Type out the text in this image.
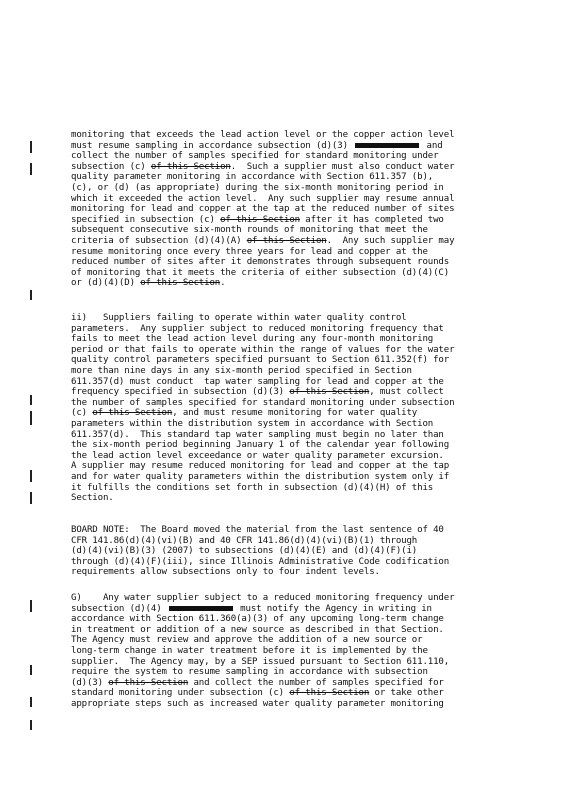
monitoring that exceeds the lead action level or the copper action level
must resume sampling in accordance subsection (d)(3)	and
collect the number of samples specified for standard monitoring under
subsection (c) of this Section.  Such a supplier must also conduct water
quality parameter monitoring in accordance with Section 611.357 (b),
(c), or (d) (as appropriate) during the six-month monitoring period in
which it exceeded the action level.  Any such supplier may resume annual
monitoring for lead and copper at the tap at the reduced number of sites
specified in subsection (c) of this Section after it has completed two
subsequent consecutive six-month rounds of monitoring that meet the
criteria of subsection (d)(4)(A) of this Section.  Any such supplier may
resume monitoring once every three years for lead and copper at the
reduced number of sites after it demonstrates through subsequent rounds
of monitoring that it meets the criteria of either subsection (d)(4)(C)
or (d)(4)(D) of this Section.
ii)   Suppliers failing to operate within water quality control
parameters.  Any supplier subject to reduced monitoring frequency that
fails to meet the lead action level during any four-month monitoring
period or that fails to operate within the range of values for the water
quality control parameters specified pursuant to Section 611.352(f) for
more than nine days in any six-month period specified in Section
611.357(d) must conduct  tap water sampling for lead and copper at the
frequency specified in subsection (d)(3) of this Section, must collect
the number of samples specified for standard monitoring under subsection
(c) of this Section, and must resume monitoring for water quality
parameters within the distribution system in accordance with Section
611.357(d).  This standard tap water sampling must begin no later than
the six-month period beginning January 1 of the calendar year following
the lead action level exceedance or water quality parameter excursion.
A supplier may resume reduced monitoring for lead and copper at the tap
and for water quality parameters within the distribution system only if
it fulfills the conditions set forth in subsection (d)(4)(H) of this
Section.
BOARD NOTE:  The Board moved the material from the last sentence of 40
CFR 141.86(d)(4)(vi)(B) and 40 CFR 141.86(d)(4)(vi)(B)(1) through
(d)(4)(vi)(B)(3) (2007) to subsections (d)(4)(E) and (d)(4)(F)(i)
through (d)(4)(F)(iii), since Illinois Administrative Code codification
requirements allow subsections only to four indent levels.
G)    Any water supplier subject to a reduced monitoring frequency under
subsection (d)(4)	must notify the Agency in writing in
accordance with Section 611.360(a)(3) of any upcoming long-term change
in treatment or addition of a new source as described in that Section.
The Agency must review and approve the addition of a new source or
long-term change in water treatment before it is implemented by the
supplier.  The Agency may, by a SEP issued pursuant to Section 611.110,
require the system to resume sampling in accordance with subsection
(d)(3) of this Section and collect the number of samples specified for
standard monitoring under subsection (c) of this Section or take other
appropriate steps such as increased water quality parameter monitoring
